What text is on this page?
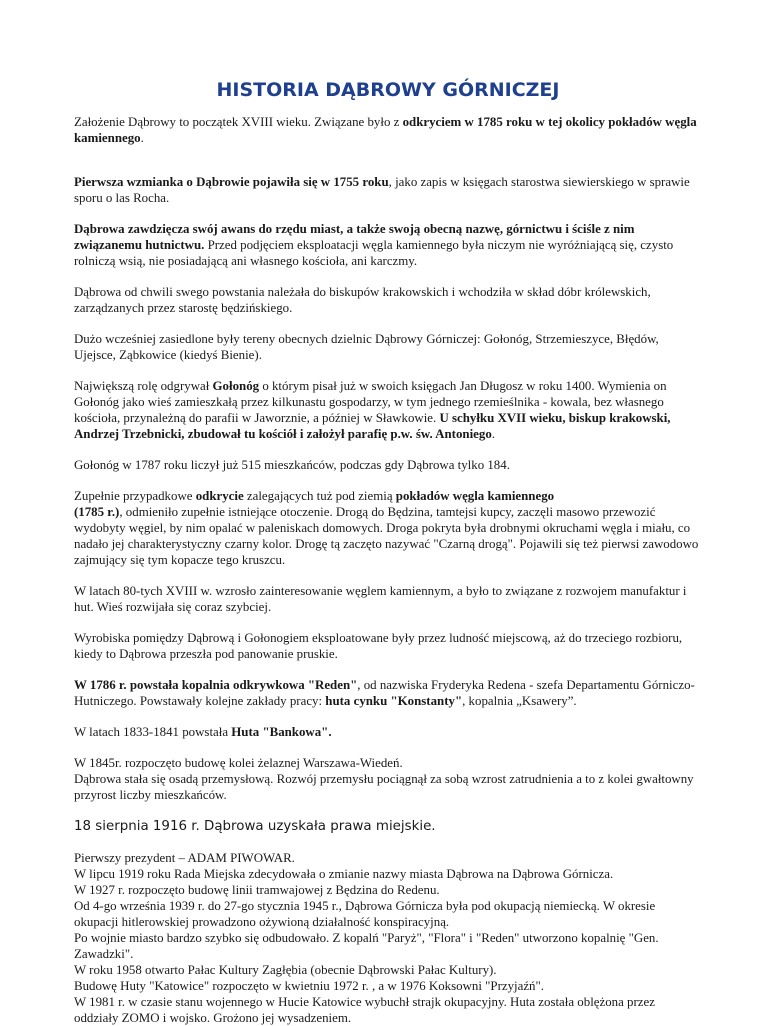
HISTORIA DĄBROWY GÓRNICZEJ

Założenie Dąbrowy to początek XVIII wieku. Związane było z odkryciem w 1785 roku w tej okolicy pokładów węgla kamiennego.

Pierwsza wzmianka o Dąbrowie pojawiła się w 1755 roku, jako zapis w księgach starostwa siewierskiego w sprawie sporu o las Rocha.

Dąbrowa zawdzięcza swój awans do rzędu miast, a także swoją obecną nazwę, górnictwu i ściśle z nim związanemu hutnictwu. Przed podjęciem eksploatacji węgla kamiennego była niczym nie wyróżniającą się, czysto rolniczą wsią, nie posiadającą ani własnego kościoła, ani karczmy.

Dąbrowa od chwili swego powstania należała do biskupów krakowskich i wchodziła w skład dóbr królewskich, zarządzanych przez starostę będzińskiego.

Dużo wcześniej zasiedlone były tereny obecnych dzielnic Dąbrowy Górniczej: Gołonóg, Strzemieszyce, Błędów, Ujejsce, Ząbkowice (kiedyś Bienie).

Największą rolę odgrywał Gołonóg o którym pisał już w swoich księgach Jan Długosz w roku 1400. Wymienia on Gołonóg jako wieś zamieszkałą przez kilkunastu gospodarzy, w tym jednego rzemieślnika - kowala, bez własnego kościoła, przynależną do parafii w Jaworznie, a później w Sławkowie. U schyłku XVII wieku, biskup krakowski, Andrzej Trzebnicki, zbudował tu kościół i założył parafię p.w. św. Antoniego.

Gołonóg w 1787 roku liczył już 515 mieszkańców, podczas gdy Dąbrowa tylko 184.

Zupełnie przypadkowe odkrycie zalegających tuż pod ziemią pokładów węgla kamiennego
(1785 r.), odmieniło zupełnie istniejące otoczenie. Drogą do Będzina, tamtejsi kupcy, zaczęli masowo przewozić wydobyty węgiel, by nim opalać w paleniskach domowych. Droga pokryta była drobnymi okruchami węgla i miału, co nadało jej charakterystyczny czarny kolor. Drogę tą zaczęto nazywać "Czarną drogą". Pojawili się też pierwsi zawodowo zajmujący się tym kopacze tego kruszcu.

W latach 80-tych XVIII w. wzrosło zainteresowanie węglem kamiennym, a było to związane z rozwojem manufaktur i hut. Wieś rozwijała się coraz szybciej.

Wyrobiska pomiędzy Dąbrową i Gołonogiem eksploatowane były przez ludność miejscową, aż do trzeciego rozbioru, kiedy to Dąbrowa przeszła pod panowanie pruskie.

W 1786 r. powstała kopalnia odkrywkowa "Reden", od nazwiska Fryderyka Redena - szefa Departamentu Górniczo-Hutniczego. Powstawały kolejne zakłady pracy: huta cynku "Konstanty", kopalnia „Ksawery”.

W latach 1833-1841 powstała Huta "Bankowa".

W 1845r. rozpoczęto budowę kolei żelaznej Warszawa-Wiedeń.
Dąbrowa stała się osadą przemysłową. Rozwój przemysłu pociągnął za sobą wzrost zatrudnienia a to z kolei gwałtowny przyrost liczby mieszkańców.

18 sierpnia 1916 r. Dąbrowa uzyskała prawa miejskie.

Pierwszy prezydent – ADAM PIWOWAR.
W lipcu 1919 roku Rada Miejska zdecydowała o zmianie nazwy miasta Dąbrowa na Dąbrowa Górnicza.
W 1927 r. rozpoczęto budowę linii tramwajowej z Będzina do Redenu.
Od 4-go września 1939 r. do 27-go stycznia 1945 r., Dąbrowa Górnicza była pod okupacją niemiecką. W okresie okupacji hitlerowskiej prowadzono ożywioną działalność konspiracyjną.
Po wojnie miasto bardzo szybko się odbudowało. Z kopalń "Paryż", "Flora" i "Reden" utworzono kopalnię "Gen. Zawadzki".
W roku 1958 otwarto Pałac Kultury Zagłębia (obecnie Dąbrowski Pałac Kultury).
Budowę Huty "Katowice" rozpoczęto w kwietniu 1972 r. , a w 1976 Koksowni "Przyjaźń".
W 1981 r. w czasie stanu wojennego w Hucie Katowice wybuchł strajk okupacyjny. Huta została oblężona przez oddziały ZOMO i wojsko. Grożono jej wysadzeniem.
